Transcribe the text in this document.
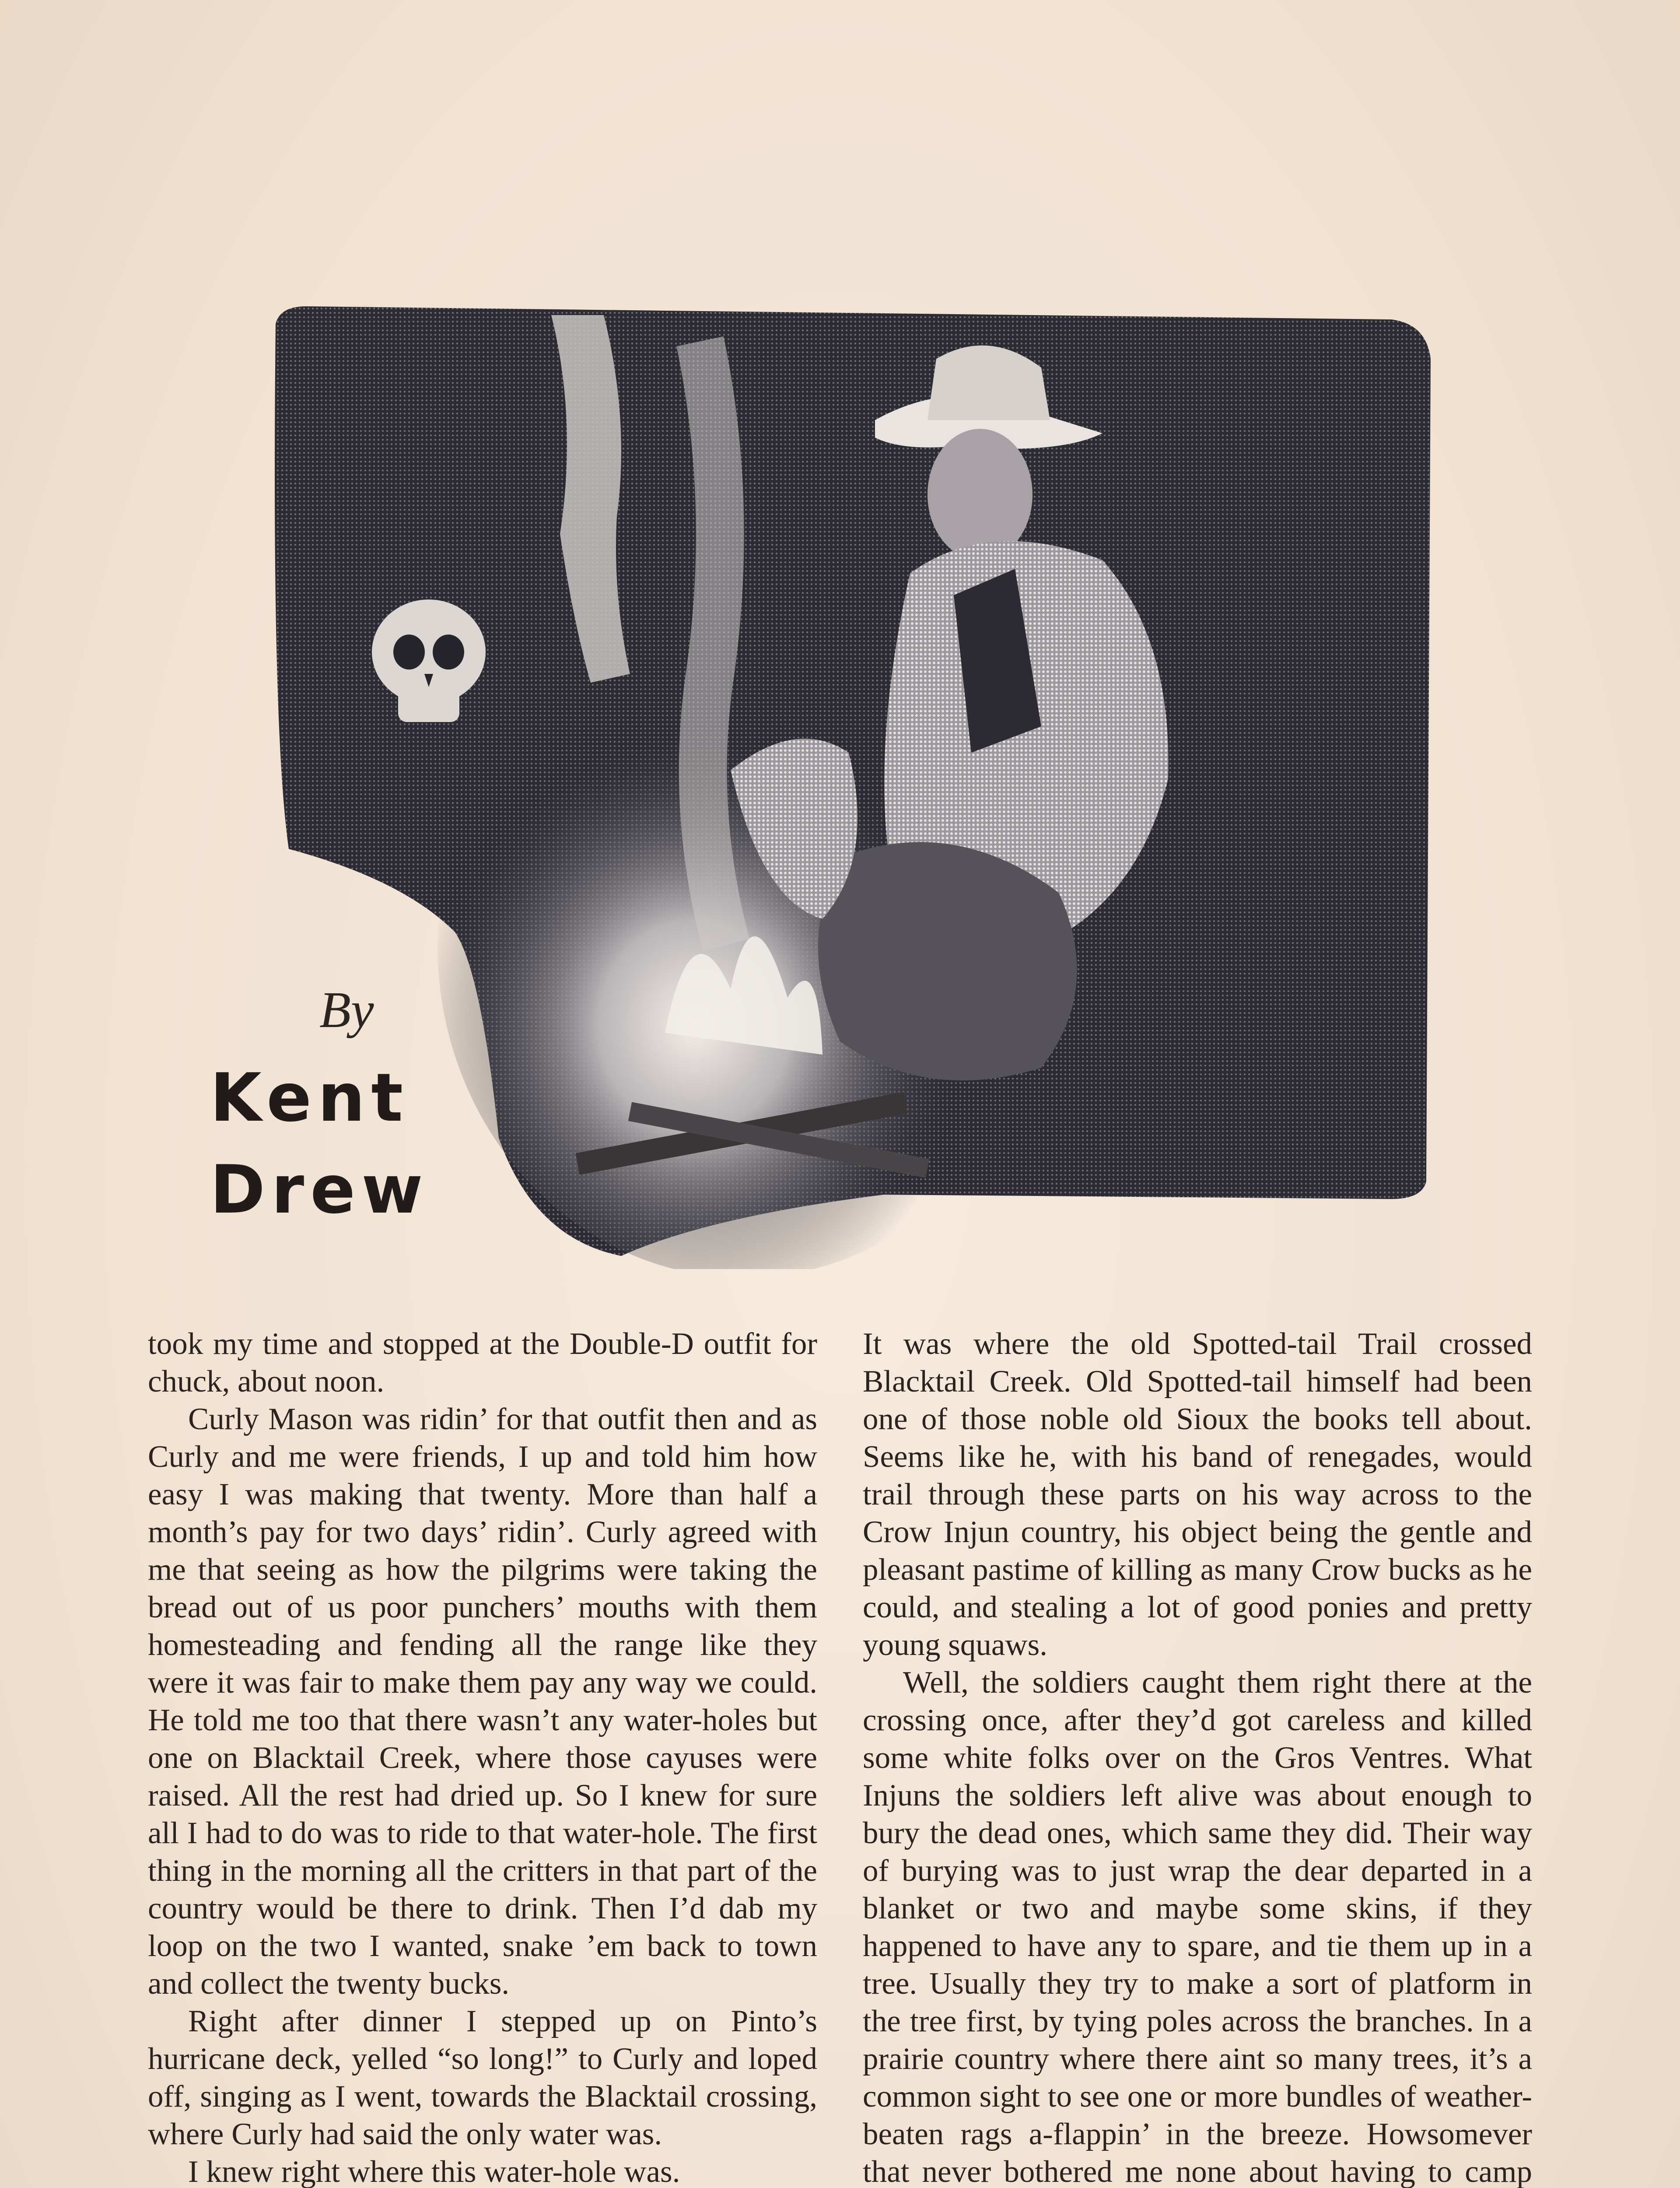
By
Kent
Drew

took my time and stopped at the Double-D outfit for chuck, about noon.

Curly Mason was ridin’ for that outfit then and as Curly and me were friends, I up and told him how easy I was making that twenty. More than half a month’s pay for two days’ ridin’. Curly agreed with me that seeing as how the pilgrims were taking the bread out of us poor punchers’ mouths with them homesteading and fending all the range like they were it was fair to make them pay any way we could. He told me too that there wasn’t any water-holes but one on Blacktail Creek, where those cayuses were raised. All the rest had dried up. So I knew for sure all I had to do was to ride to that water-hole. The first thing in the morning all the critters in that part of the country would be there to drink. Then I’d dab my loop on the two I wanted, snake ’em back to town and collect the twenty bucks.

Right after dinner I stepped up on Pinto’s hurricane deck, yelled “so long!” to Curly and loped off, singing as I went, towards the Blacktail crossing, where Curly had said the only water was.

I knew right where this water-hole was.

It was where the old Spotted-tail Trail crossed Blacktail Creek. Old Spotted-tail himself had been one of those noble old Sioux the books tell about. Seems like he, with his band of renegades, would trail through these parts on his way across to the Crow Injun country, his object being the gentle and pleasant pastime of killing as many Crow bucks as he could, and stealing a lot of good ponies and pretty young squaws.

Well, the soldiers caught them right there at the crossing once, after they’d got careless and killed some white folks over on the Gros Ventres. What Injuns the soldiers left alive was about enough to bury the dead ones, which same they did. Their way of burying was to just wrap the dear departed in a blanket or two and maybe some skins, if they happened to have any to spare, and tie them up in a tree. Usually they try to make a sort of platform in the tree first, by tying poles across the branches. In a prairie country where there aint so many trees, it’s a common sight to see one or more bundles of weather-beaten rags a-flappin’ in the breeze. Howsomever that never bothered me none about having to camp
